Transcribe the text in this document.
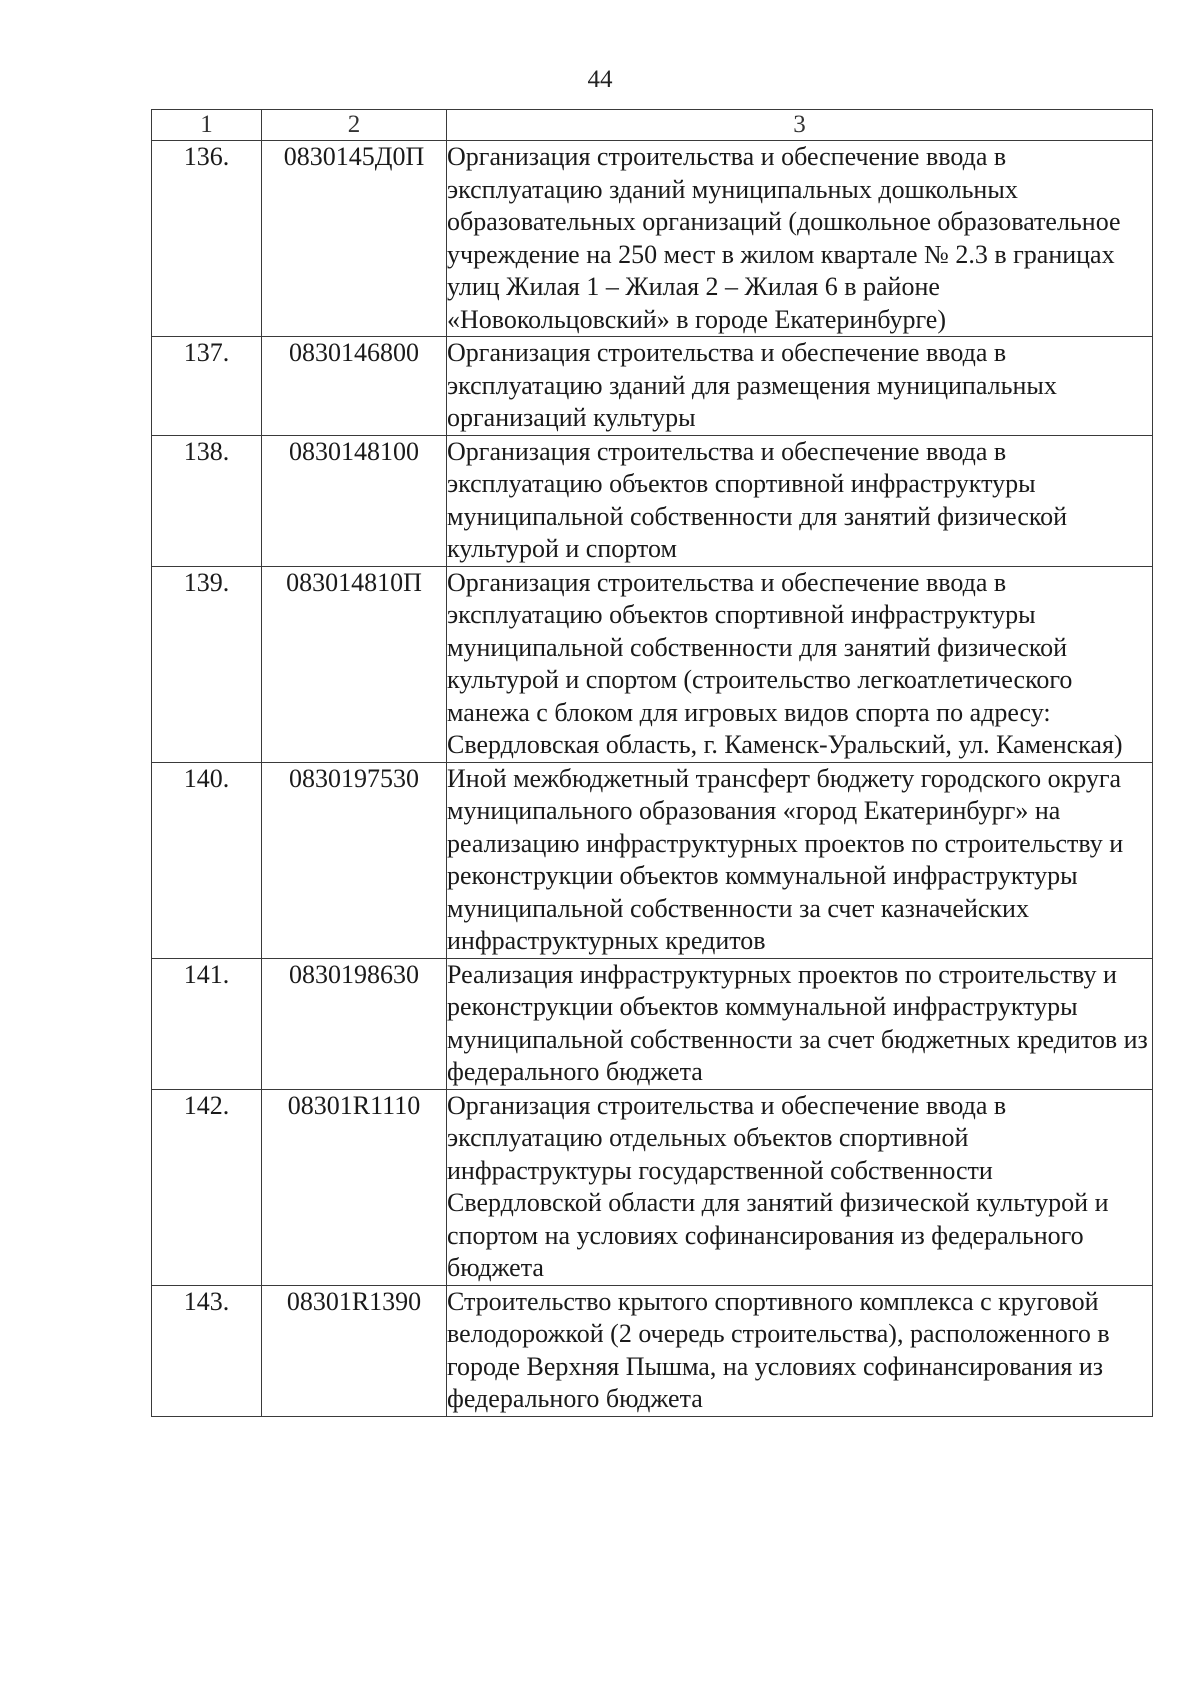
44
1	2	3
136.	0830145Д0П	Организация строительства и обеспечение ввода в эксплуатацию зданий муниципальных дошкольных образовательных организаций (дошкольное образовательное учреждение на 250 мест в жилом квартале № 2.3 в границах улиц Жилая 1 – Жилая 2 – Жилая 6 в районе «Новокольцовский» в городе Екатеринбурге)
137.	0830146800	Организация строительства и обеспечение ввода в эксплуатацию зданий для размещения муниципальных организаций культуры
138.	0830148100	Организация строительства и обеспечение ввода в эксплуатацию объектов спортивной инфраструктуры муниципальной собственности для занятий физической культурой и спортом
139.	083014810П	Организация строительства и обеспечение ввода в эксплуатацию объектов спортивной инфраструктуры муниципальной собственности для занятий физической культурой и спортом (строительство легкоатлетического манежа с блоком для игровых видов спорта по адресу: Свердловская область, г. Каменск-Уральский, ул. Каменская)
140.	0830197530	Иной межбюджетный трансферт бюджету городского округа муниципального образования «город Екатеринбург» на реализацию инфраструктурных проектов по строительству и реконструкции объектов коммунальной инфраструктуры муниципальной собственности за счет казначейских инфраструктурных кредитов
141.	0830198630	Реализация инфраструктурных проектов по строительству и реконструкции объектов коммунальной инфраструктуры муниципальной собственности за счет бюджетных кредитов из федерального бюджета
142.	08301R1110	Организация строительства и обеспечение ввода в эксплуатацию отдельных объектов спортивной инфраструктуры государственной собственности Свердловской области для занятий физической культурой и спортом на условиях софинансирования из федерального бюджета
143.	08301R1390	Строительство крытого спортивного комплекса с круговой велодорожкой (2 очередь строительства), расположенного в городе Верхняя Пышма, на условиях софинансирования из федерального бюджета
